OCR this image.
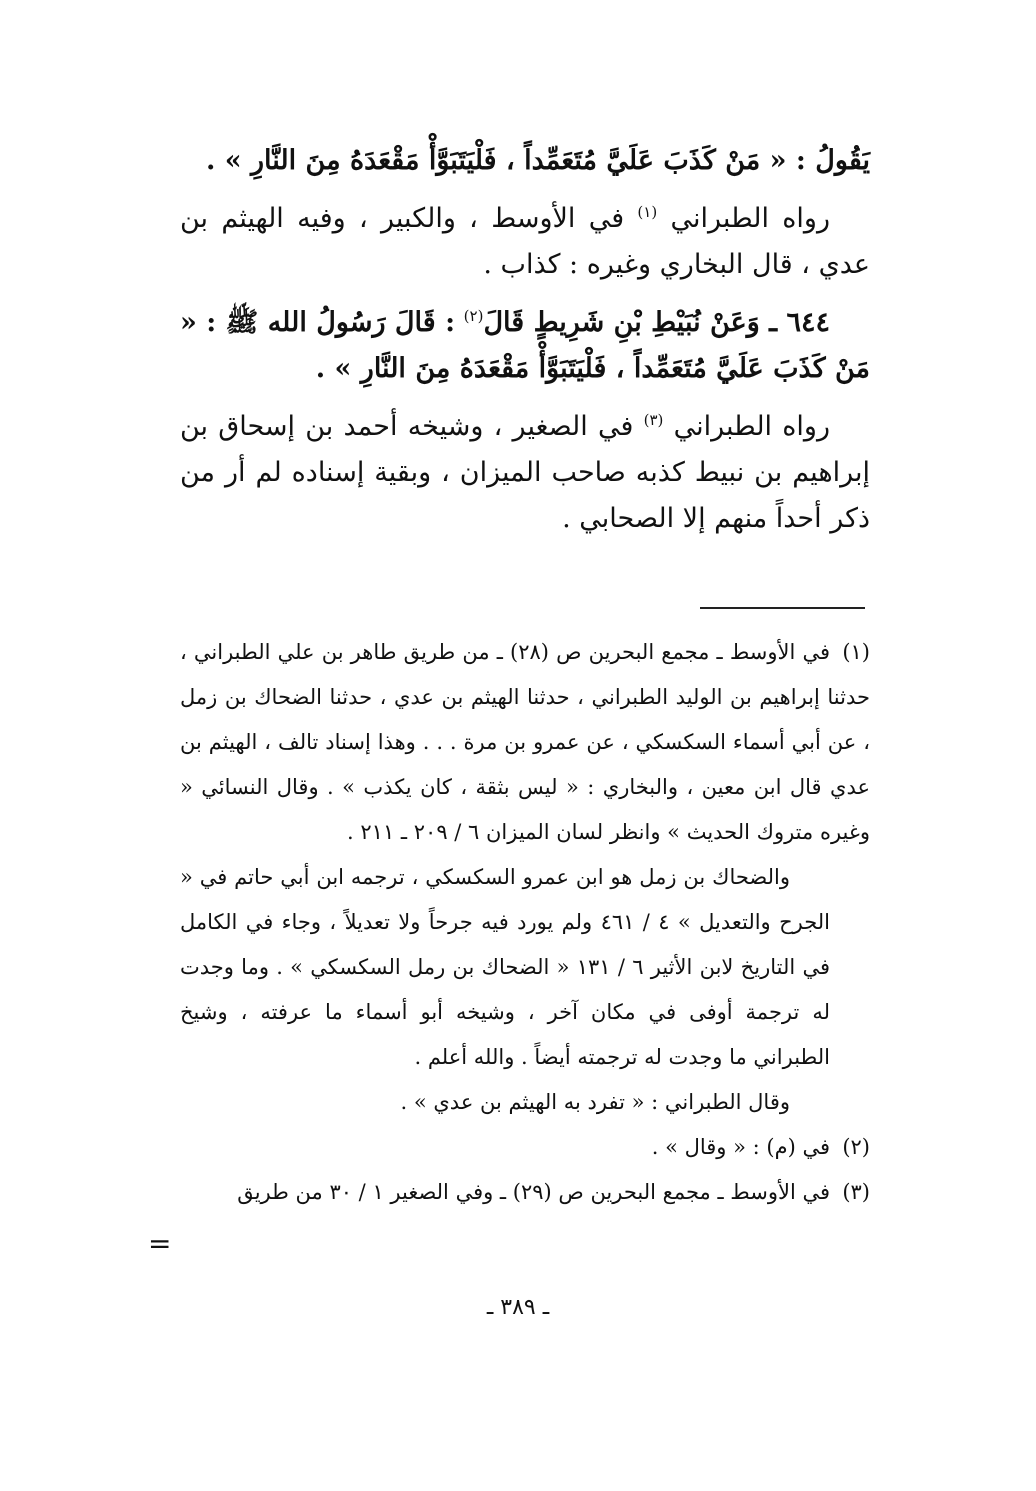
يَقُولُ : « مَنْ كَذَبَ عَلَيَّ مُتَعَمِّداً ، فَلْيَتَبَوَّأْ مَقْعَدَهُ مِنَ النَّارِ » .

رواه الطبراني $^{(١)}$ في الأوسط ، والكبير ، وفيه الهيثم بن عدي ، قال البخاري وغيره : كذاب .

٦٤٤ ـ وَعَنْ نُبَيْطِ بْنِ شَرِيطٍ قَالَ$^{(٢)}$ : قَالَ رَسُولُ الله ﷺ : « مَنْ كَذَبَ عَلَيَّ مُتَعَمِّداً ، فَلْيَتَبَوَّأْ مَقْعَدَهُ مِنَ النَّارِ » .

رواه الطبراني $^{(٣)}$ في الصغير ، وشيخه أحمد بن إسحاق بن إبراهيم بن نبيط كذبه صاحب الميزان ، وبقية إسناده لم أر من ذكر أحداً منهم إلا الصحابي .

(١)في الأوسط ـ مجمع البحرين ص (٢٨) ـ من طريق طاهر بن علي الطبراني ، حدثنا إبراهيم بن الوليد الطبراني ، حدثنا الهيثم بن عدي ، حدثنا الضحاك بن زمل ، عن أبي أسماء السكسكي ، عن عمرو بن مرة . . . وهذا إسناد تالف ، الهيثم بن عدي قال ابن معين ، والبخاري : « ليس بثقة ، كان يكذب » . وقال النسائي « وغيره متروك الحديث » وانظر لسان الميزان ٦ / ٢٠٩ ـ ٢١١ .

والضحاك بن زمل هو ابن عمرو السكسكي ، ترجمه ابن أبي حاتم في « الجرح والتعديل » ٤ / ٤٦١ ولم يورد فيه جرحاً ولا تعديلاً ، وجاء في الكامل في التاريخ لابن الأثير ٦ / ١٣١ « الضحاك بن رمل السكسكي » . وما وجدت له ترجمة أوفى في مكان آخر ، وشيخه أبو أسماء ما عرفته ، وشيخ الطبراني ما وجدت له ترجمته أيضاً . والله أعلم .

وقال الطبراني : « تفرد به الهيثم بن عدي » .

(٢)في (م) : « وقال » .
(٣)في الأوسط ـ مجمع البحرين ص (٢٩) ـ وفي الصغير ١ / ٣٠ من طريق
=
ـ ٣٨٩ ـ
